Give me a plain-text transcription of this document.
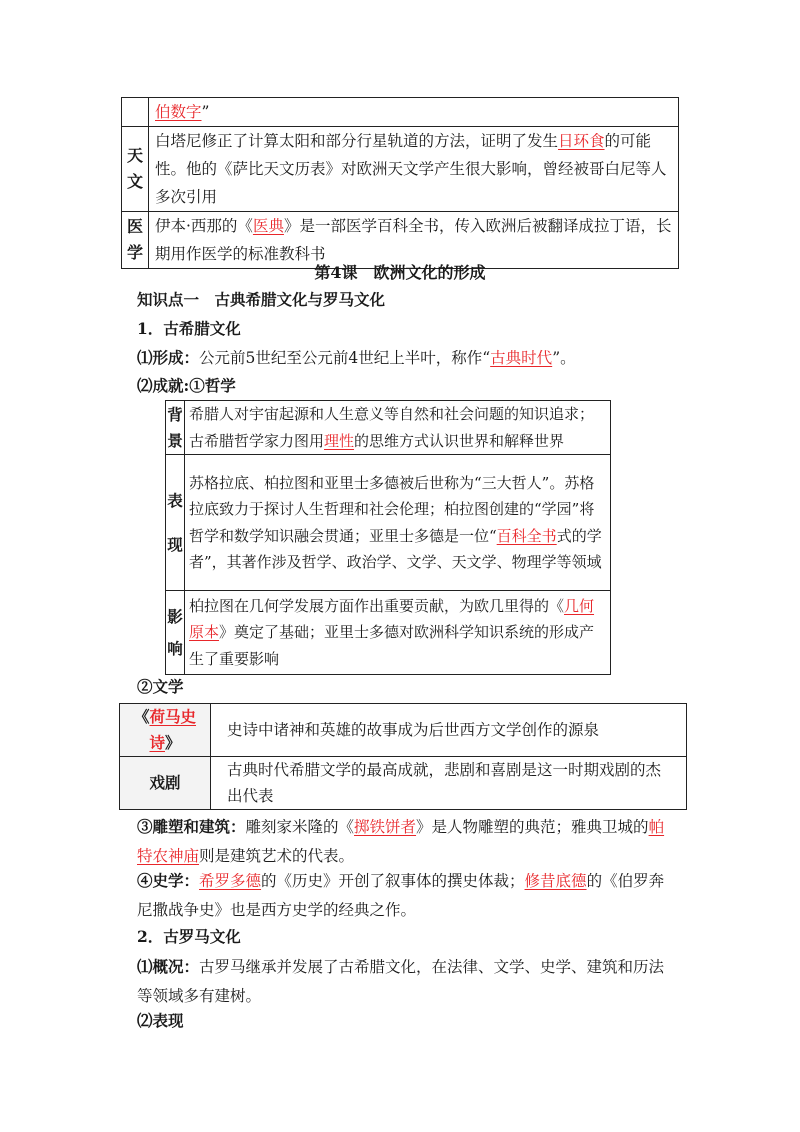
	伯数字”
天文	白塔尼修正了计算太阳和部分行星轨道的方法，证明了发生日环食的可能性。他的《萨比天文历表》对欧洲天文学产生很大影响，曾经被哥白尼等人多次引用
医学	伊本·西那的《医典》是一部医学百科全书，传入欧洲后被翻译成拉丁语，长期用作医学的标准教科书
第4课　欧洲文化的形成
知识点一　古典希腊文化与罗马文化
1．古希腊文化
⑴形成：公元前5世纪至公元前4世纪上半叶，称作“古典时代”。
⑵成就:①哲学
背景	希腊人对宇宙起源和人生意义等自然和社会问题的知识追求；古希腊哲学家力图用理性的思维方式认识世界和解释世界
表现	苏格拉底、柏拉图和亚里士多德被后世称为“三大哲人”。苏格拉底致力于探讨人生哲理和社会伦理；柏拉图创建的“学园”将哲学和数学知识融会贯通；亚里士多德是一位“百科全书式的学者”，其著作涉及哲学、政治学、文学、天文学、物理学等领域
影响	柏拉图在几何学发展方面作出重要贡献，为欧几里得的《几何原本》奠定了基础；亚里士多德对欧洲科学知识系统的形成产生了重要影响
②文学
《荷马史诗》	史诗中诸神和英雄的故事成为后世西方文学创作的源泉
戏剧	古典时代希腊文学的最高成就，悲剧和喜剧是这一时期戏剧的杰出代表
③雕塑和建筑：雕刻家米隆的《掷铁饼者》是人物雕塑的典范；雅典卫城的帕特农神庙则是建筑艺术的代表。
④史学：希罗多德的《历史》开创了叙事体的撰史体裁；修昔底德的《伯罗奔尼撒战争史》也是西方史学的经典之作。
2．古罗马文化
⑴概况：古罗马继承并发展了古希腊文化，在法律、文学、史学、建筑和历法等领域多有建树。
⑵表现
